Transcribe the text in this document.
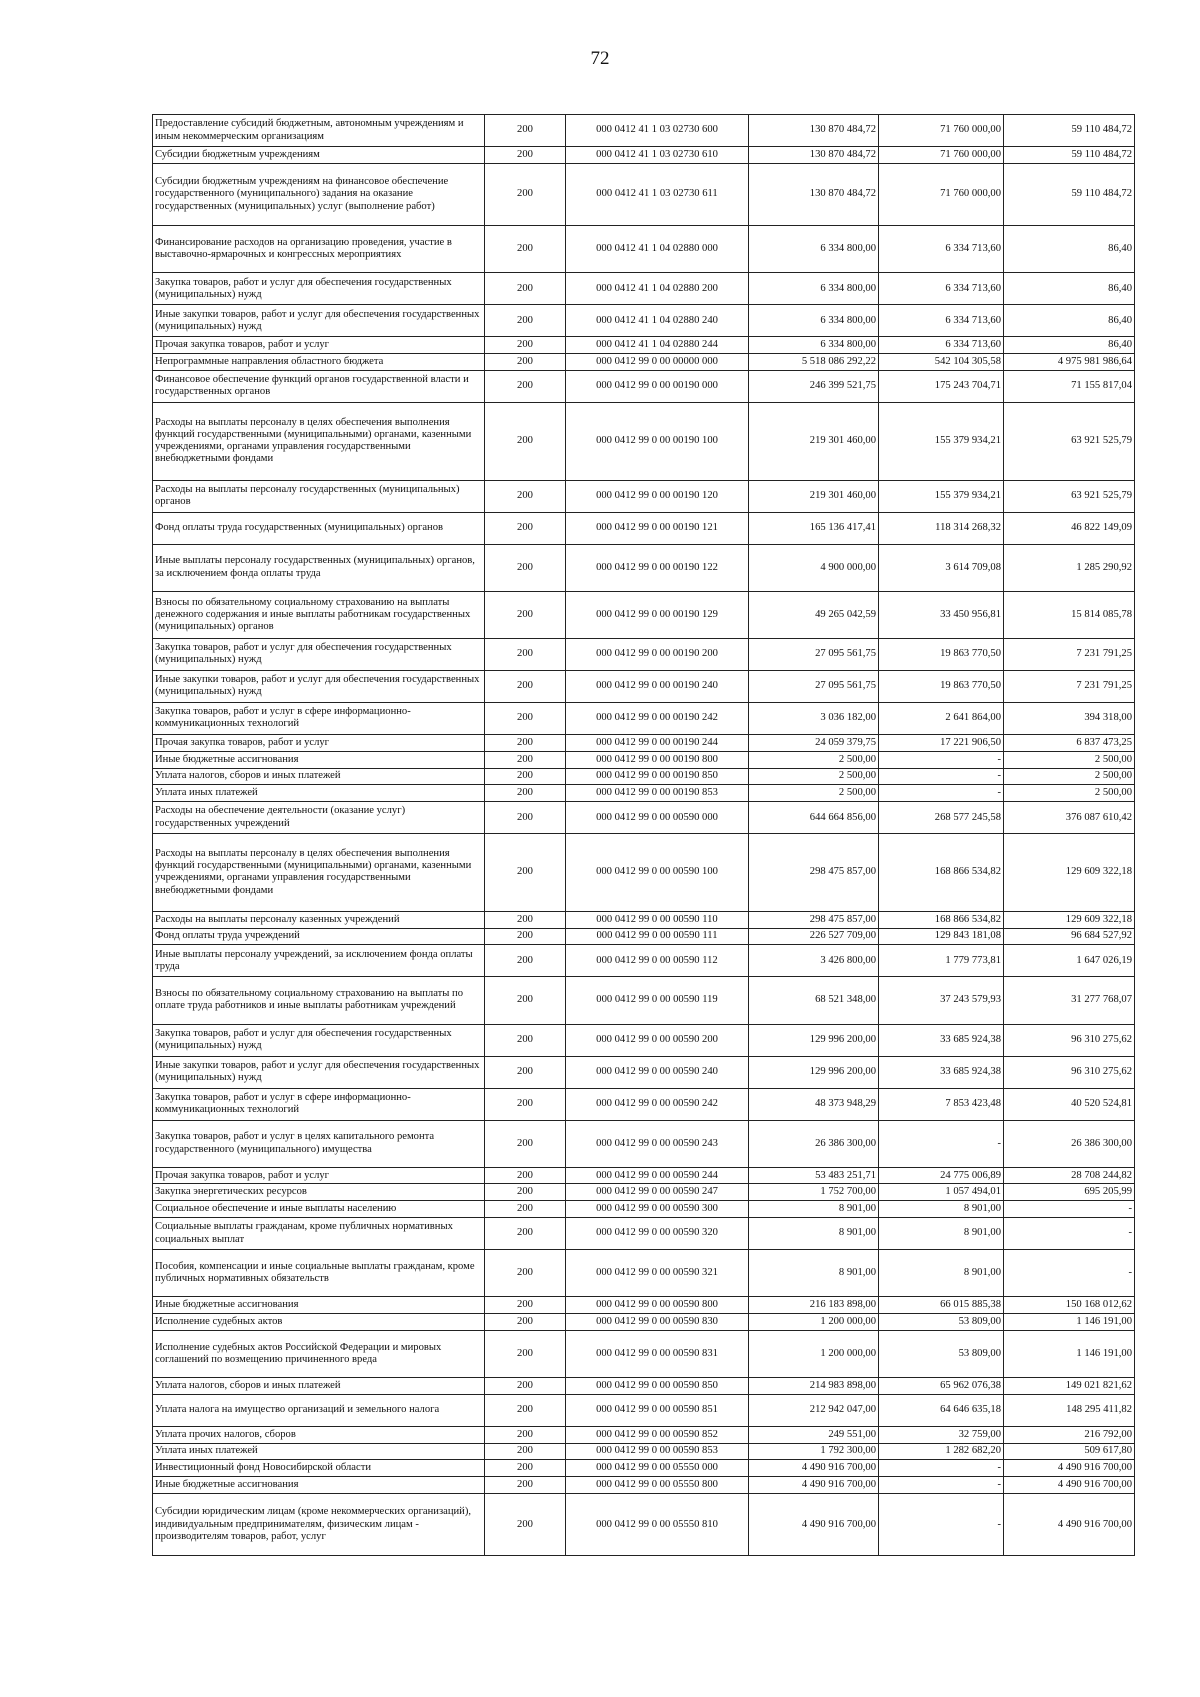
72
Предоставление субсидий бюджетным, автономным учреждениям и иным некоммерческим организациям	200	000 0412 41 1 03 02730 600	130 870 484,72	71 760 000,00	59 110 484,72
Субсидии бюджетным учреждениям	200	000 0412 41 1 03 02730 610	130 870 484,72	71 760 000,00	59 110 484,72
Субсидии бюджетным учреждениям на финансовое обеспечение государственного (муниципального) задания на оказание государственных (муниципальных) услуг (выполнение работ)	200	000 0412 41 1 03 02730 611	130 870 484,72	71 760 000,00	59 110 484,72
Финансирование расходов на организацию проведения, участие в выставочно-ярмарочных и конгрессных мероприятиях	200	000 0412 41 1 04 02880 000	6 334 800,00	6 334 713,60	86,40
Закупка товаров, работ и услуг для обеспечения государственных (муниципальных) нужд	200	000 0412 41 1 04 02880 200	6 334 800,00	6 334 713,60	86,40
Иные закупки товаров, работ и услуг для обеспечения государственных (муниципальных) нужд	200	000 0412 41 1 04 02880 240	6 334 800,00	6 334 713,60	86,40
Прочая закупка товаров, работ и услуг	200	000 0412 41 1 04 02880 244	6 334 800,00	6 334 713,60	86,40
Непрограммные направления областного бюджета	200	000 0412 99 0 00 00000 000	5 518 086 292,22	542 104 305,58	4 975 981 986,64
Финансовое обеспечение функций органов государственной власти и государственных органов	200	000 0412 99 0 00 00190 000	246 399 521,75	175 243 704,71	71 155 817,04
Расходы на выплаты персоналу в целях обеспечения выполнения функций государственными (муниципальными) органами, казенными учреждениями, органами управления государственными внебюджетными фондами	200	000 0412 99 0 00 00190 100	219 301 460,00	155 379 934,21	63 921 525,79
Расходы на выплаты персоналу государственных (муниципальных) органов	200	000 0412 99 0 00 00190 120	219 301 460,00	155 379 934,21	63 921 525,79
Фонд оплаты труда государственных (муниципальных) органов	200	000 0412 99 0 00 00190 121	165 136 417,41	118 314 268,32	46 822 149,09
Иные выплаты персоналу государственных (муниципальных) органов, за исключением фонда оплаты труда	200	000 0412 99 0 00 00190 122	4 900 000,00	3 614 709,08	1 285 290,92
Взносы по обязательному социальному страхованию на выплаты денежного содержания и иные выплаты работникам государственных (муниципальных) органов	200	000 0412 99 0 00 00190 129	49 265 042,59	33 450 956,81	15 814 085,78
Закупка товаров, работ и услуг для обеспечения государственных (муниципальных) нужд	200	000 0412 99 0 00 00190 200	27 095 561,75	19 863 770,50	7 231 791,25
Иные закупки товаров, работ и услуг для обеспечения государственных (муниципальных) нужд	200	000 0412 99 0 00 00190 240	27 095 561,75	19 863 770,50	7 231 791,25
Закупка товаров, работ и услуг в сфере информационно-коммуникационных технологий	200	000 0412 99 0 00 00190 242	3 036 182,00	2 641 864,00	394 318,00
Прочая закупка товаров, работ и услуг	200	000 0412 99 0 00 00190 244	24 059 379,75	17 221 906,50	6 837 473,25
Иные бюджетные ассигнования	200	000 0412 99 0 00 00190 800	2 500,00	-	2 500,00
Уплата налогов, сборов и иных платежей	200	000 0412 99 0 00 00190 850	2 500,00	-	2 500,00
Уплата иных платежей	200	000 0412 99 0 00 00190 853	2 500,00	-	2 500,00
Расходы на обеспечение деятельности (оказание услуг) государственных учреждений	200	000 0412 99 0 00 00590 000	644 664 856,00	268 577 245,58	376 087 610,42
Расходы на выплаты персоналу в целях обеспечения выполнения функций государственными (муниципальными) органами, казенными учреждениями, органами управления государственными внебюджетными фондами	200	000 0412 99 0 00 00590 100	298 475 857,00	168 866 534,82	129 609 322,18
Расходы на выплаты персоналу казенных учреждений	200	000 0412 99 0 00 00590 110	298 475 857,00	168 866 534,82	129 609 322,18
Фонд оплаты труда учреждений	200	000 0412 99 0 00 00590 111	226 527 709,00	129 843 181,08	96 684 527,92
Иные выплаты персоналу учреждений, за исключением фонда оплаты труда	200	000 0412 99 0 00 00590 112	3 426 800,00	1 779 773,81	1 647 026,19
Взносы по обязательному социальному страхованию на выплаты по оплате труда работников и иные выплаты работникам учреждений	200	000 0412 99 0 00 00590 119	68 521 348,00	37 243 579,93	31 277 768,07
Закупка товаров, работ и услуг для обеспечения государственных (муниципальных) нужд	200	000 0412 99 0 00 00590 200	129 996 200,00	33 685 924,38	96 310 275,62
Иные закупки товаров, работ и услуг для обеспечения государственных (муниципальных) нужд	200	000 0412 99 0 00 00590 240	129 996 200,00	33 685 924,38	96 310 275,62
Закупка товаров, работ и услуг в сфере информационно-коммуникационных технологий	200	000 0412 99 0 00 00590 242	48 373 948,29	7 853 423,48	40 520 524,81
Закупка товаров, работ и услуг в целях капитального ремонта государственного (муниципального) имущества	200	000 0412 99 0 00 00590 243	26 386 300,00	-	26 386 300,00
Прочая закупка товаров, работ и услуг	200	000 0412 99 0 00 00590 244	53 483 251,71	24 775 006,89	28 708 244,82
Закупка энергетических ресурсов	200	000 0412 99 0 00 00590 247	1 752 700,00	1 057 494,01	695 205,99
Социальное обеспечение и иные выплаты населению	200	000 0412 99 0 00 00590 300	8 901,00	8 901,00	-
Социальные выплаты гражданам, кроме публичных нормативных социальных выплат	200	000 0412 99 0 00 00590 320	8 901,00	8 901,00	-
Пособия, компенсации и иные социальные выплаты гражданам, кроме публичных нормативных обязательств	200	000 0412 99 0 00 00590 321	8 901,00	8 901,00	-
Иные бюджетные ассигнования	200	000 0412 99 0 00 00590 800	216 183 898,00	66 015 885,38	150 168 012,62
Исполнение судебных актов	200	000 0412 99 0 00 00590 830	1 200 000,00	53 809,00	1 146 191,00
Исполнение судебных актов Российской Федерации и мировых соглашений по возмещению причиненного вреда	200	000 0412 99 0 00 00590 831	1 200 000,00	53 809,00	1 146 191,00
Уплата налогов, сборов и иных платежей	200	000 0412 99 0 00 00590 850	214 983 898,00	65 962 076,38	149 021 821,62
Уплата налога на имущество организаций и земельного налога	200	000 0412 99 0 00 00590 851	212 942 047,00	64 646 635,18	148 295 411,82
Уплата прочих налогов, сборов	200	000 0412 99 0 00 00590 852	249 551,00	32 759,00	216 792,00
Уплата иных платежей	200	000 0412 99 0 00 00590 853	1 792 300,00	1 282 682,20	509 617,80
Инвестиционный фонд Новосибирской области	200	000 0412 99 0 00 05550 000	4 490 916 700,00	-	4 490 916 700,00
Иные бюджетные ассигнования	200	000 0412 99 0 00 05550 800	4 490 916 700,00	-	4 490 916 700,00
Субсидии юридическим лицам (кроме некоммерческих организаций), индивидуальным предпринимателям, физическим лицам - производителям товаров, работ, услуг	200	000 0412 99 0 00 05550 810	4 490 916 700,00	-	4 490 916 700,00
